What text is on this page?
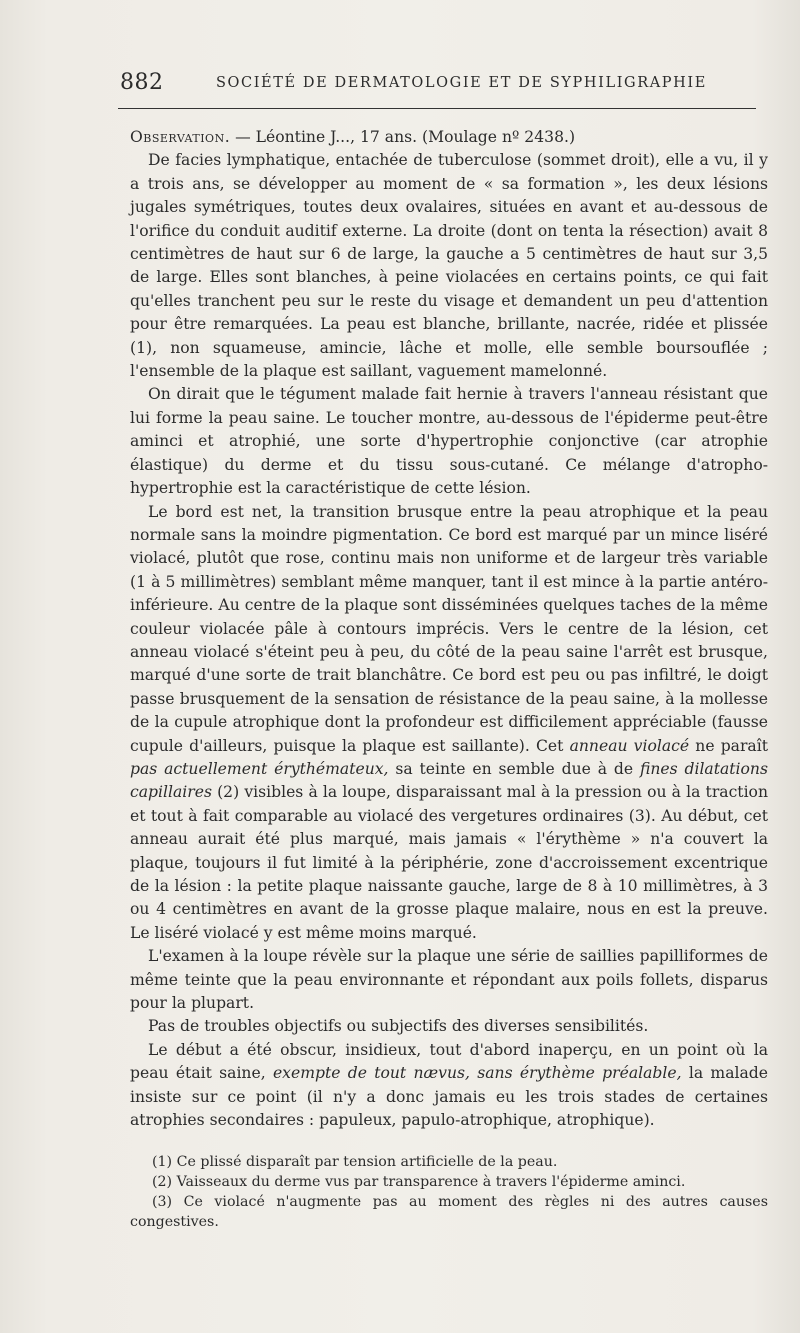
882	SOCIÉTÉ DE DERMATOLOGIE ET DE SYPHILIGRAPHIE

Observation. — Léontine J..., 17 ans. (Moulage nº 2438.)

De facies lymphatique, entachée de tuberculose (sommet droit), elle a vu, il y a trois ans, se développer au moment de « sa formation », les deux lésions jugales symétriques, toutes deux ovalaires, situées en avant et au-dessous de l'orifice du conduit auditif externe. La droite (dont on tenta la résection) avait 8 centimètres de haut sur 6 de large, la gauche a 5 centimètres de haut sur 3,5 de large. Elles sont blanches, à peine violacées en certains points, ce qui fait qu'elles tranchent peu sur le reste du visage et demandent un peu d'attention pour être remarquées. La peau est blanche, brillante, nacrée, ridée et plissée (1), non squameuse, amincie, lâche et molle, elle semble boursouflée ; l'ensemble de la plaque est saillant, vaguement mamelonné.

On dirait que le tégument malade fait hernie à travers l'anneau résistant que lui forme la peau saine. Le toucher montre, au-dessous de l'épiderme peut-être aminci et atrophié, une sorte d'hypertrophie conjonctive (car atrophie élastique) du derme et du tissu sous-cutané. Ce mélange d'atropho-hypertrophie est la caractéristique de cette lésion.

Le bord est net, la transition brusque entre la peau atrophique et la peau normale sans la moindre pigmentation. Ce bord est marqué par un mince liséré violacé, plutôt que rose, continu mais non uniforme et de largeur très variable (1 à 5 millimètres) semblant même manquer, tant il est mince à la partie antéro-inférieure. Au centre de la plaque sont disséminées quelques taches de la même couleur violacée pâle à contours imprécis. Vers le centre de la lésion, cet anneau violacé s'éteint peu à peu, du côté de la peau saine l'arrêt est brusque, marqué d'une sorte de trait blanchâtre. Ce bord est peu ou pas infiltré, le doigt passe brusquement de la sensation de résistance de la peau saine, à la mollesse de la cupule atrophique dont la profondeur est difficilement appréciable (fausse cupule d'ailleurs, puisque la plaque est saillante). Cet anneau violacé ne paraît pas actuellement érythémateux, sa teinte en semble due à de fines dilatations capillaires (2) visibles à la loupe, disparaissant mal à la pression ou à la traction et tout à fait comparable au violacé des vergetures ordinaires (3). Au début, cet anneau aurait été plus marqué, mais jamais « l'érythème » n'a couvert la plaque, toujours il fut limité à la périphérie, zone d'accroissement excentrique de la lésion : la petite plaque naissante gauche, large de 8 à 10 millimètres, à 3 ou 4 centimètres en avant de la grosse plaque malaire, nous en est la preuve. Le liséré violacé y est même moins marqué.

L'examen à la loupe révèle sur la plaque une série de saillies papilliformes de même teinte que la peau environnante et répondant aux poils follets, disparus pour la plupart.

Pas de troubles objectifs ou subjectifs des diverses sensibilités.

Le début a été obscur, insidieux, tout d'abord inaperçu, en un point où la peau était saine, exempte de tout nævus, sans érythème préalable, la malade insiste sur ce point (il n'y a donc jamais eu les trois stades de certaines atrophies secondaires : papuleux, papulo-atrophique, atrophique).

(1) Ce plissé disparaît par tension artificielle de la peau.

(2) Vaisseaux du derme vus par transparence à travers l'épiderme aminci.

(3) Ce violacé n'augmente pas au moment des règles ni des autres causes congestives.
